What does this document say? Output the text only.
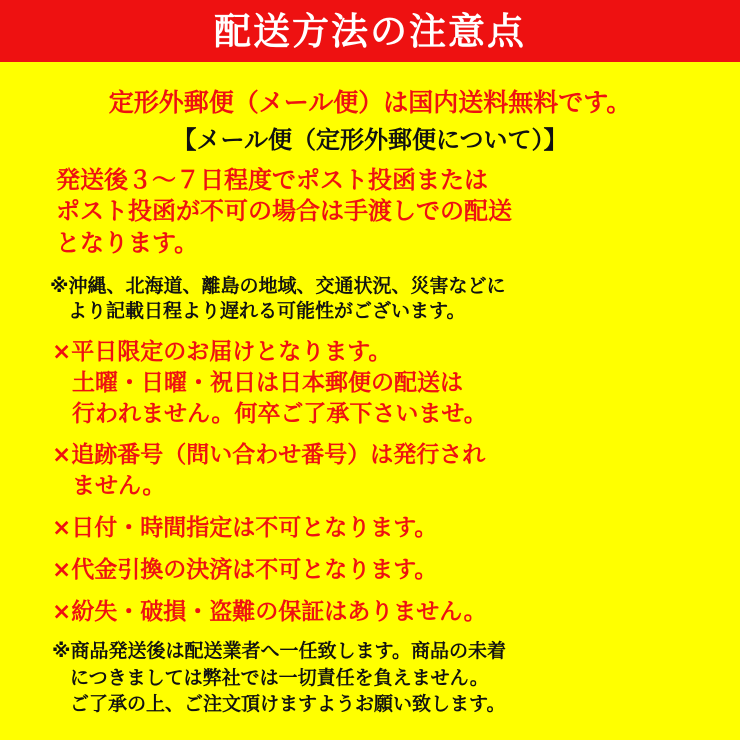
配送方法の注意点

定形外郵便（メール便）は国内送料無料です。

【メール便（定形外郵便について）】

発送後３～７日程度でポスト投函または

ポスト投函が不可の場合は手渡しでの配送

となります。

※沖縄、北海道、離島の地域、交通状況、災害などに
より記載日程より遅れる可能性がございます。
×平日限定のお届けとなります。
土曜・日曜・祝日は日本郵便の配送は
行われません。何卒ご了承下さいませ。
×追跡番号（問い合わせ番号）は発行され
ません。
×日付・時間指定は不可となります。
×代金引換の決済は不可となります。
×紛失・破損・盗難の保証はありません。
※商品発送後は配送業者へ一任致します。商品の未着
につきましては弊社では一切責任を負えません。
ご了承の上、ご注文頂けますようお願い致します。
